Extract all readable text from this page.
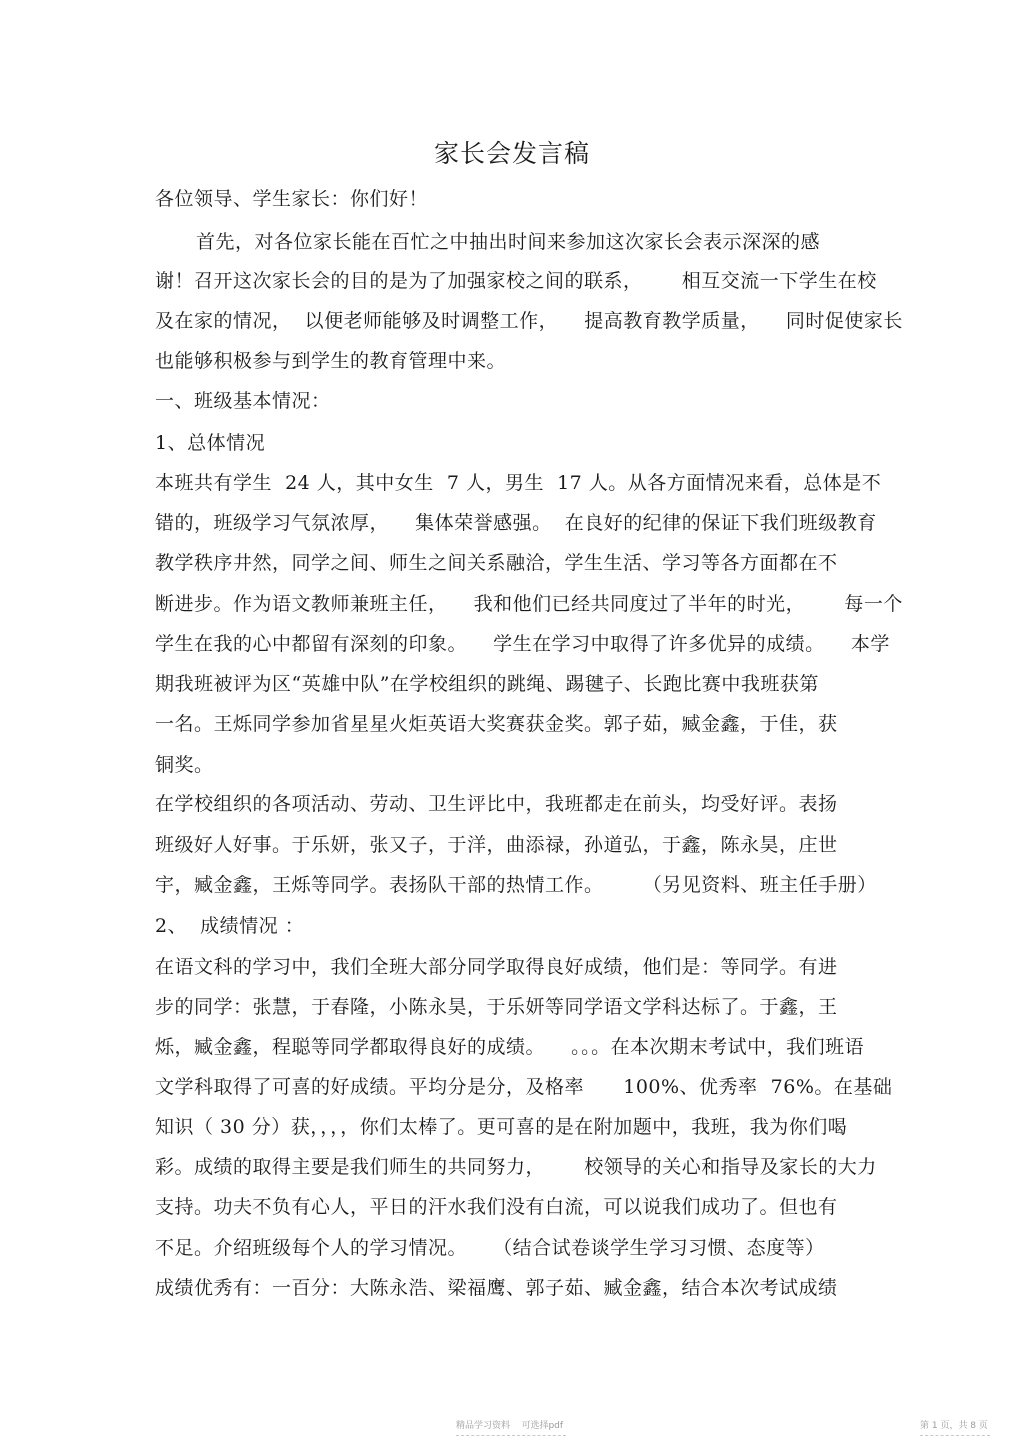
家长会发言稿
各位领导、学生家长：你们好！
首先，对各位家长能在百忙之中抽出时间来参加这次家长会表示深深的感
谢！召开这次家长会的目的是为了加强家校之间的联系，      相互交流一下学生在校
及在家的情况，  以便老师能够及时调整工作，    提高教育教学质量，    同时促使家长
也能够积极参与到学生的教育管理中来。
一、班级基本情况：
1、总体情况
本班共有学生  24 人，其中女生  7 人，男生  17 人。从各方面情况来看，总体是不
错的，班级学习气氛浓厚，    集体荣誉感强。  在良好的纪律的保证下我们班级教育
教学秩序井然，同学之间、师生之间关系融洽，学生生活、学习等各方面都在不
断进步。作为语文教师兼班主任，    我和他们已经共同度过了半年的时光，      每一个
学生在我的心中都留有深刻的印象。    学生在学习中取得了许多优异的成绩。    本学
期我班被评为区“英雄中队”在学校组织的跳绳、踢毽子、长跑比赛中我班获第
一名。王烁同学参加省星星火炬英语大奖赛获金奖。郭子茹，臧金鑫，于佳，获
铜奖。
在学校组织的各项活动、劳动、卫生评比中，我班都走在前头，均受好评。表扬
班级好人好事。于乐妍，张又子，于洋，曲添禄，孙道弘，于鑫，陈永昊，庄世
宇，臧金鑫，王烁等同学。表扬队干部的热情工作。      （另见资料、班主任手册）
2、  成绩情况 ：
在语文科的学习中，我们全班大部分同学取得良好成绩，他们是：等同学。有进
步的同学：张慧，于春隆，小陈永昊，于乐妍等同学语文学科达标了。于鑫，王
烁，臧金鑫，程聪等同学都取得良好的成绩。    。。。在本次期末考试中，我们班语
文学科取得了可喜的好成绩。平均分是分，及格率      100%、优秀率  76%。在基础
知识（ 30 分）获，，，，你们太棒了。更可喜的是在附加题中，我班，我为你们喝
彩。成绩的取得主要是我们师生的共同努力，      校领导的关心和指导及家长的大力
支持。功夫不负有心人，平日的汗水我们没有白流，可以说我们成功了。但也有
不足。介绍班级每个人的学习情况。    （结合试卷谈学生学习习惯、态度等）
成绩优秀有：一百分：大陈永浩、梁福鹰、郭子茹、臧金鑫，结合本次考试成绩
精品学习资料    可选择pdf	第 1 页，共 8 页
